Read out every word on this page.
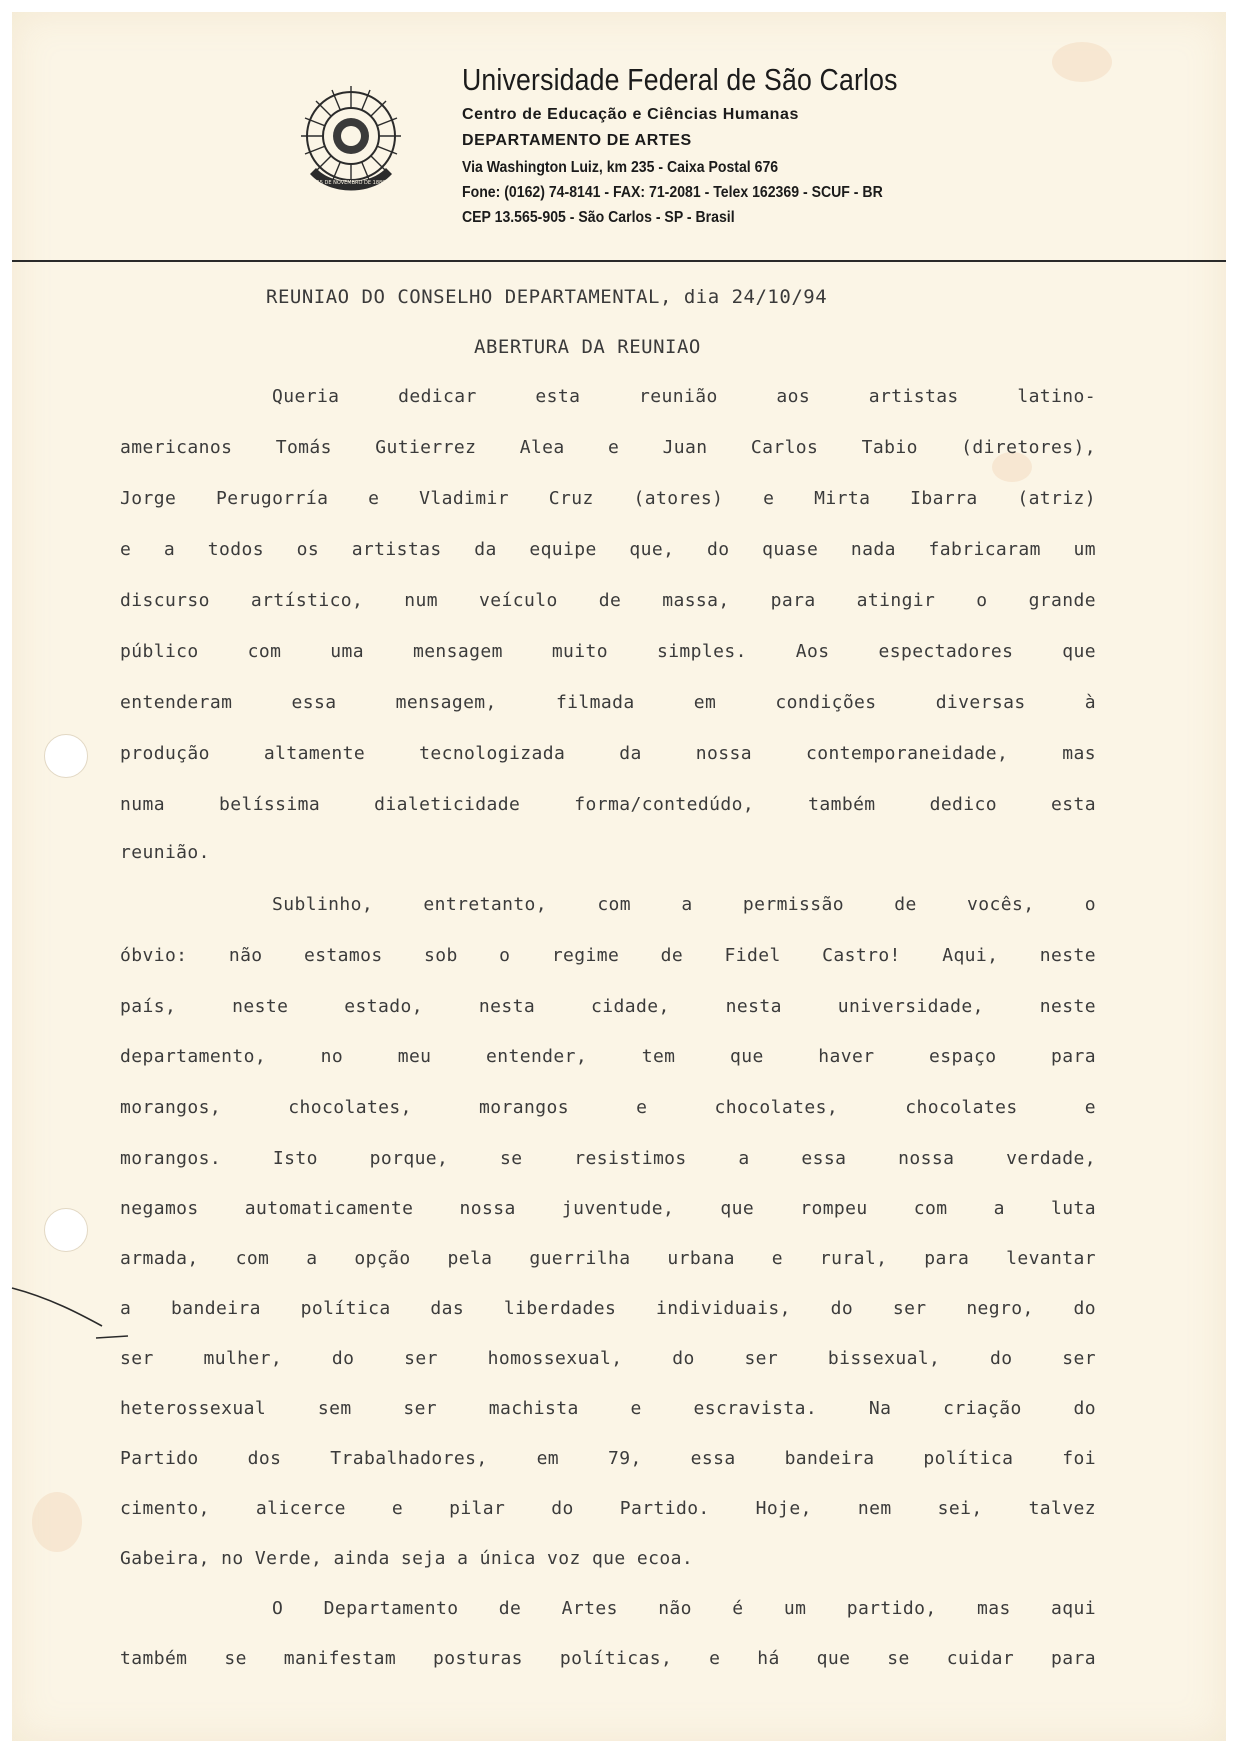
15 DE NOVEMBRO DE 1889
Universidade Federal de São Carlos
Centro de Educação e Ciências Humanas
DEPARTAMENTO DE ARTES
Via Washington Luiz, km 235 - Caixa Postal 676
Fone: (0162) 74-8141 - FAX: 71-2081 - Telex 162369 - SCUF - BR
CEP 13.565-905 - São Carlos - SP - Brasil
REUNIAO DO CONSELHO DEPARTAMENTAL, dia 24/10/94
ABERTURA DA REUNIAO
Queria dedicar esta reunião aos artistas latino-
americanos Tomás Gutierrez Alea e Juan Carlos Tabio (diretores),
Jorge Perugorría e Vladimir Cruz (atores) e Mirta Ibarra (atriz)
e a todos os artistas da equipe que, do quase nada fabricaram um
discurso artístico, num veículo de massa, para atingir o grande
público com uma mensagem muito simples. Aos espectadores que
entenderam essa mensagem, filmada em condições diversas à
produção altamente tecnologizada da nossa contemporaneidade, mas
numa belíssima dialeticidade forma/contedúdo, também dedico esta
reunião.
Sublinho, entretanto, com a permissão de vocês, o
óbvio: não estamos sob o regime de Fidel Castro! Aqui, neste
país, neste estado, nesta cidade, nesta universidade, neste
departamento, no meu entender, tem que haver espaço para
morangos, chocolates, morangos e chocolates, chocolates e
morangos. Isto porque, se resistimos a essa nossa verdade,
negamos automaticamente nossa juventude, que rompeu com a luta
armada, com a opção pela guerrilha urbana e rural, para levantar
a bandeira política das liberdades individuais, do ser negro, do
ser mulher, do ser homossexual, do ser bissexual, do ser
heterossexual sem ser machista e escravista. Na criação do
Partido dos Trabalhadores, em 79, essa bandeira política foi
cimento, alicerce e pilar do Partido. Hoje, nem sei, talvez
Gabeira, no Verde, ainda seja a única voz que ecoa.
O Departamento de Artes não é um partido, mas aqui
também se manifestam posturas políticas, e há que se cuidar para
